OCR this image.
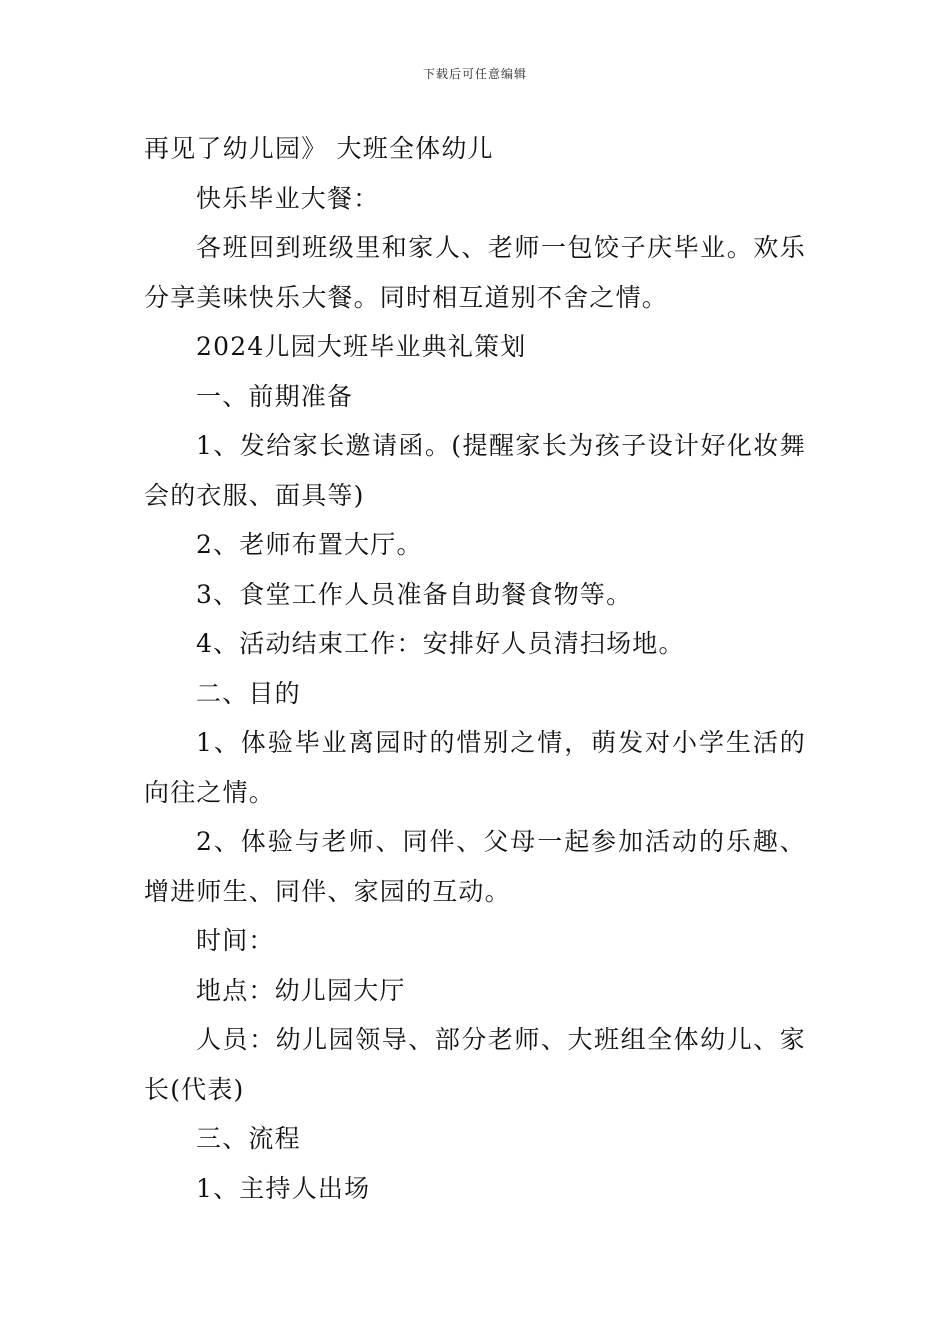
下载后可任意编辑

再见了幼儿园》 大班全体幼儿

快乐毕业大餐：

各班回到班级里和家人、老师一包饺子庆毕业。欢乐分享美味快乐大餐。同时相互道别不舍之情。

2024儿园大班毕业典礼策划

一、前期准备

1、发给家长邀请函。(提醒家长为孩子设计好化妆舞会的衣服、面具等)

2、老师布置大厅。

3、食堂工作人员准备自助餐食物等。

4、活动结束工作：安排好人员清扫场地。

二、目的

1、体验毕业离园时的惜别之情，萌发对小学生活的向往之情。

2、体验与老师、同伴、父母一起参加活动的乐趣、增进师生、同伴、家园的互动。

时间：

地点：幼儿园大厅

人员：幼儿园领导、部分老师、大班组全体幼儿、家长(代表)

三、流程

1、主持人出场
